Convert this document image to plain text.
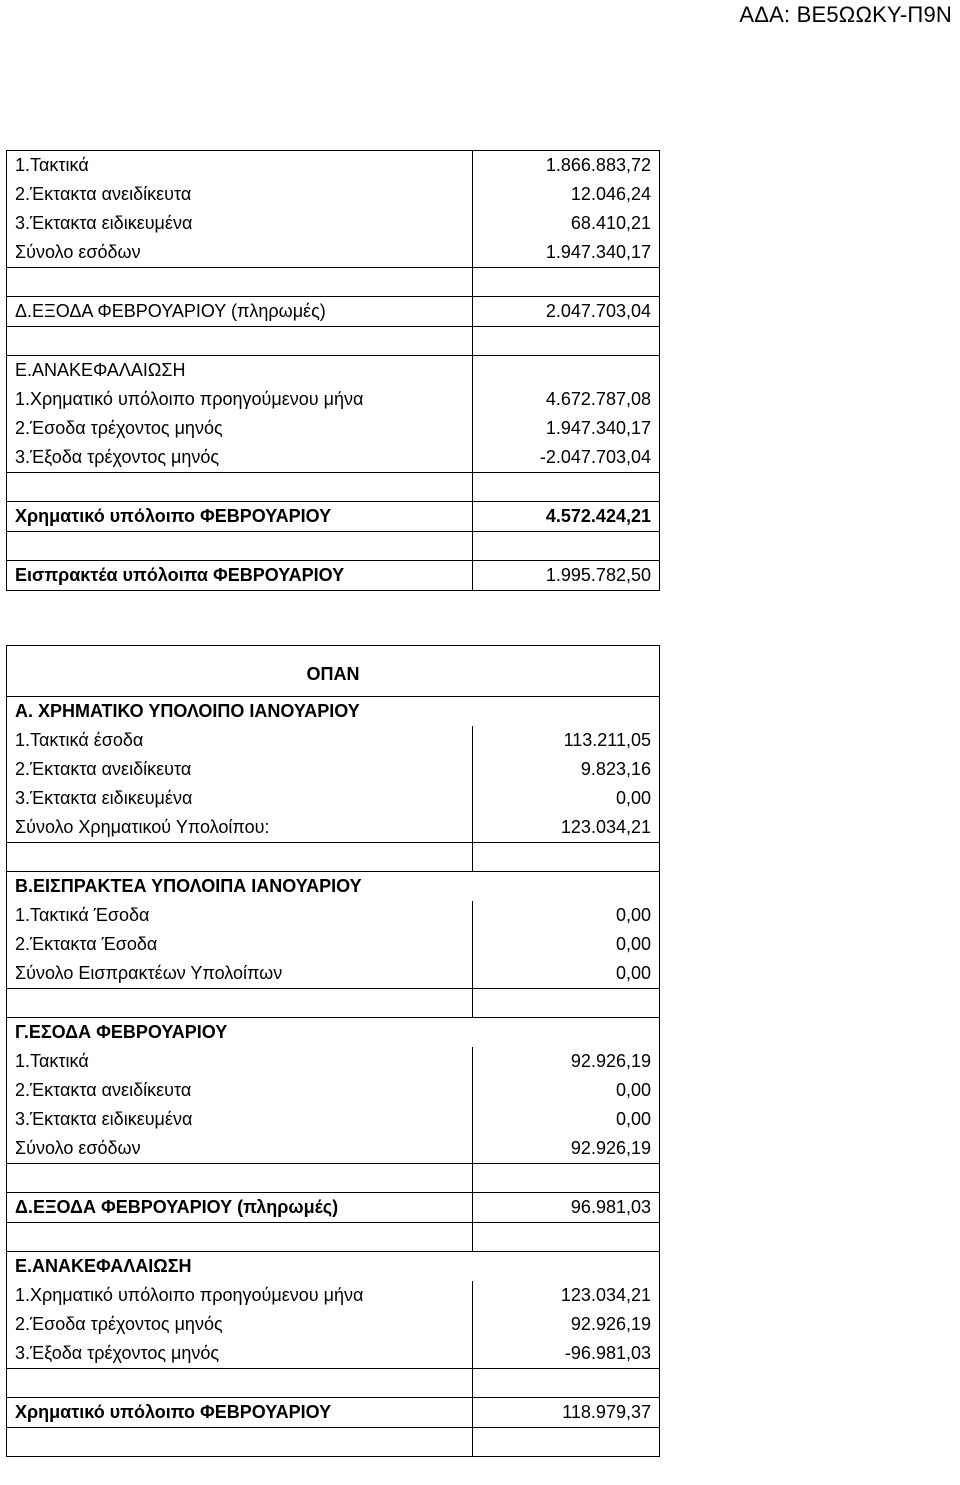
ΑΔΑ: ΒΕ5ΩΩΚΥ-Π9Ν
1.Τακτικά	1.866.883,72
2.Έκτακτα ανειδίκευτα	12.046,24
3.Έκτακτα ειδικευμένα	68.410,21
Σύνολο εσόδων	1.947.340,17

Δ.ΕΞΟΔΑ ΦΕΒΡΟΥΑΡΙΟΥ (πληρωμές)	2.047.703,04

Ε.ΑΝΑΚΕΦΑΛΑΙΩΣΗ	
1.Χρηματικό υπόλοιπο προηγούμενου μήνα	4.672.787,08
2.Έσοδα τρέχοντος μηνός	1.947.340,17
3.Έξοδα τρέχοντος μηνός	-2.047.703,04

Χρηματικό υπόλοιπο ΦΕΒΡΟΥΑΡΙΟΥ	4.572.424,21

Εισπρακτέα υπόλοιπα ΦΕΒΡΟΥΑΡΙΟΥ	1.995.782,50
ΟΠΑΝ	
Α. ΧΡΗΜΑΤΙΚΟ ΥΠΟΛΟΙΠΟ ΙΑΝΟΥΑΡΙΟΥ	
1.Τακτικά έσοδα	113.211,05
2.Έκτακτα ανειδίκευτα	9.823,16
3.Έκτακτα ειδικευμένα	0,00
Σύνολο Χρηματικού Υπολοίπου:	123.034,21

Β.ΕΙΣΠΡΑΚΤΕΑ ΥΠΟΛΟΙΠΑ ΙΑΝΟΥΑΡΙΟΥ	
1.Τακτικά Έσοδα	0,00
2.Έκτακτα Έσοδα	0,00
Σύνολο Εισπρακτέων Υπολοίπων	0,00

Γ.ΕΣΟΔΑ ΦΕΒΡΟΥΑΡΙΟΥ	
1.Τακτικά	92.926,19
2.Έκτακτα ανειδίκευτα	0,00
3.Έκτακτα ειδικευμένα	0,00
Σύνολο εσόδων	92.926,19

Δ.ΕΞΟΔΑ ΦΕΒΡΟΥΑΡΙΟΥ (πληρωμές)	96.981,03

Ε.ΑΝΑΚΕΦΑΛΑΙΩΣΗ	
1.Χρηματικό υπόλοιπο προηγούμενου μήνα	123.034,21
2.Έσοδα τρέχοντος μηνός	92.926,19
3.Έξοδα τρέχοντος μηνός	-96.981,03

Χρηματικό υπόλοιπο ΦΕΒΡΟΥΑΡΙΟΥ	118.979,37
